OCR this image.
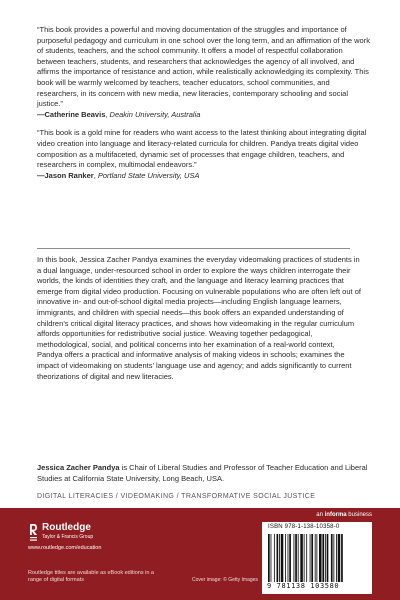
“This book provides a powerful and moving documentation of the struggles and importance of purposeful pedagogy and curriculum in one school over the long term, and an affirmation of the work of students, teachers, and the school community. It offers a model of respectful collaboration between teachers, students, and researchers that acknowledges the agency of all involved, and affirms the importance of resistance and action, while realistically acknowledging its complexity. This book will be warmly welcomed by teachers, teacher educators, school communities, and researchers, in its concern with new media, new literacies, contemporary schooling and social justice.”

—Catherine Beavis, Deakin University, Australia

“This book is a gold mine for readers who want access to the latest thinking about integrating digital video creation into language and literacy-related curricula for children. Pandya treats digital video composition as a multifaceted, dynamic set of processes that engage children, teachers, and researchers in complex, multimodal endeavors.”

—Jason Ranker, Portland State University, USA

In this book, Jessica Zacher Pandya examines the everyday videomaking practices of students in a dual language, under-resourced school in order to explore the ways children interrogate their worlds, the kinds of identities they craft, and the language and literacy learning practices that emerge from digital video production. Focusing on vulnerable populations who are often left out of innovative in- and out-of-school digital media projects—including English language learners, immigrants, and children with special needs—this book offers an expanded understanding of children’s critical digital literacy practices, and shows how videomaking in the regular curriculum affords opportunities for redistributive social justice. Weaving together pedagogical, methodological, social, and political concerns into her examination of a real-world context, Pandya offers a practical and informative analysis of making videos in schools; examines the impact of videomaking on students’ language use and agency; and adds significantly to current theorizations of digital and new literacies.

Jessica Zacher Pandya is Chair of Liberal Studies and Professor of Teacher Education and Liberal Studies at California State University, Long Beach, USA.

DIGITAL LITERACIES / VIDEOMAKING / TRANSFORMATIVE SOCIAL JUSTICE
an informa business
Routledge
Taylor & Francis Group
www.routledge.com/education
Routledge titles are available as eBook editions in a range of digital formats	Cover image: © Getty Images
ISBN 978-1-138-10358-0
9 781138 103580
